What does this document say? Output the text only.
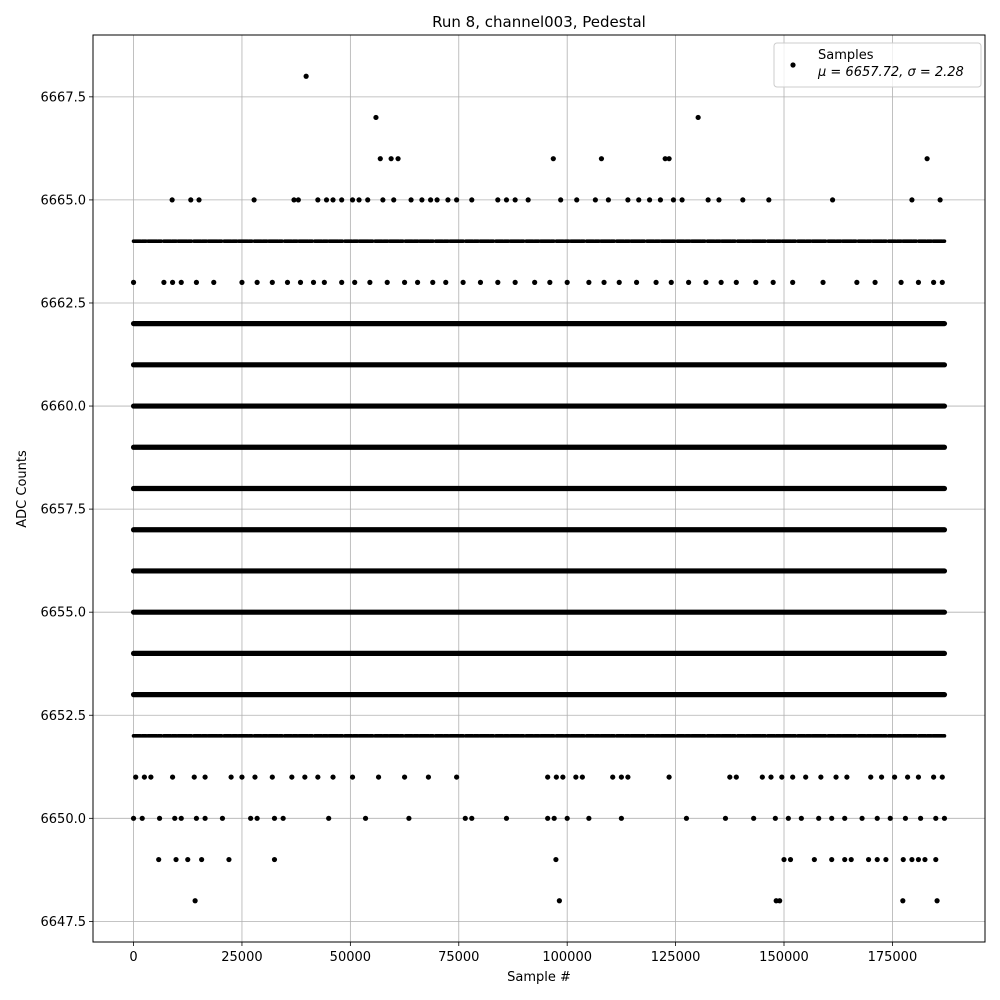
Run 8, channel003, Pedestal
0	25000	50000	75000	100000	125000	150000	175000
6647.5
6650.0
6652.5
6655.0
6657.5
6660.0
6662.5
6665.0
6667.5
Sample #
ADC Counts
Samples
μ = 6657.72, σ = 2.28
